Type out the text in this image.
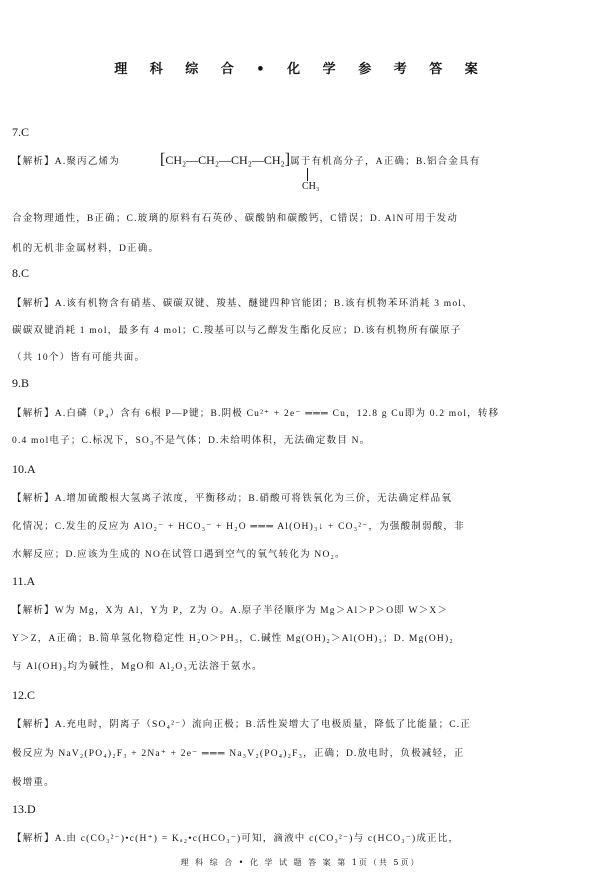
理 科 综 合 • 化 学 参 考 答 案
7.C
【解析】A.聚丙乙烯为	[CH₂—CH₂—CH₂—CH₂]属于有机高分子，A正确；B.铝合金具有
CH₃
合金物理通性，B正确；C.玻璃的原料有石英砂、碳酸钠和碳酸钙，C错误；D. AlN可用于发动
机的无机非金属材料，D正确。
8.C
【解析】A.该有机物含有硝基、碳碳双键、羧基、醚键四种官能团；B.该有机物苯环消耗 3 mol、
碳碳双键消耗 1 mol，最多有 4 mol；C.羧基可以与乙醇发生酯化反应；D.该有机物所有碳原子
（共 10个）皆有可能共面。
9.B
【解析】A.白磷（P₄）含有 6根 P—P键；B.阴极 Cu²⁺ + 2e⁻ ═══ Cu，12.8 g Cu即为 0.2 mol，转移
0.4 mol电子；C.标况下，SO₃不是气体；D.未给明体积，无法确定数目 N。
10.A
【解析】A.增加硫酸根大氢离子浓度，平衡移动；B.硝酸可将铁氧化为三价，无法确定样品氧
化情况；C.发生的反应为 AlO₂⁻ + HCO₃⁻ + H₂O ═══ Al(OH)₃↓ + CO₃²⁻，为强酸制弱酸，非
水解反应；D.应该为生成的 NO在试管口遇到空气的氧气转化为 NO₂。
11.A
【解析】W为 Mg，X为 Al，Y为 P，Z为 O。A.原子半径顺序为 Mg＞Al＞P＞O即 W＞X＞
Y＞Z，A正确；B.简单氢化物稳定性 H₂O＞PH₃，C.碱性 Mg(OH)₂＞Al(OH)₃；D. Mg(OH)₂
与 Al(OH)₃均为碱性，MgO和 Al₂O₃无法溶于氨水。
12.C
【解析】A.充电时，阴离子（SO₄²⁻）流向正极；B.活性炭增大了电极质量，降低了比能量；C.正
极反应为 NaV₂(PO₄)₂F₃ + 2Na⁺ + 2e⁻ ═══ Na₃V₂(PO₄)₂F₃，正确；D.放电时，负极减轻，正
极增重。
13.D
【解析】A.由 c(CO₃²⁻)•c(H⁺) = Kₐ₂•c(HCO₃⁻)可知，滴液中 c(CO₃²⁻)与 c(HCO₃⁻)成正比，
理 科 综 合 • 化 学 试 题 答 案 第 1页（共 5页）
